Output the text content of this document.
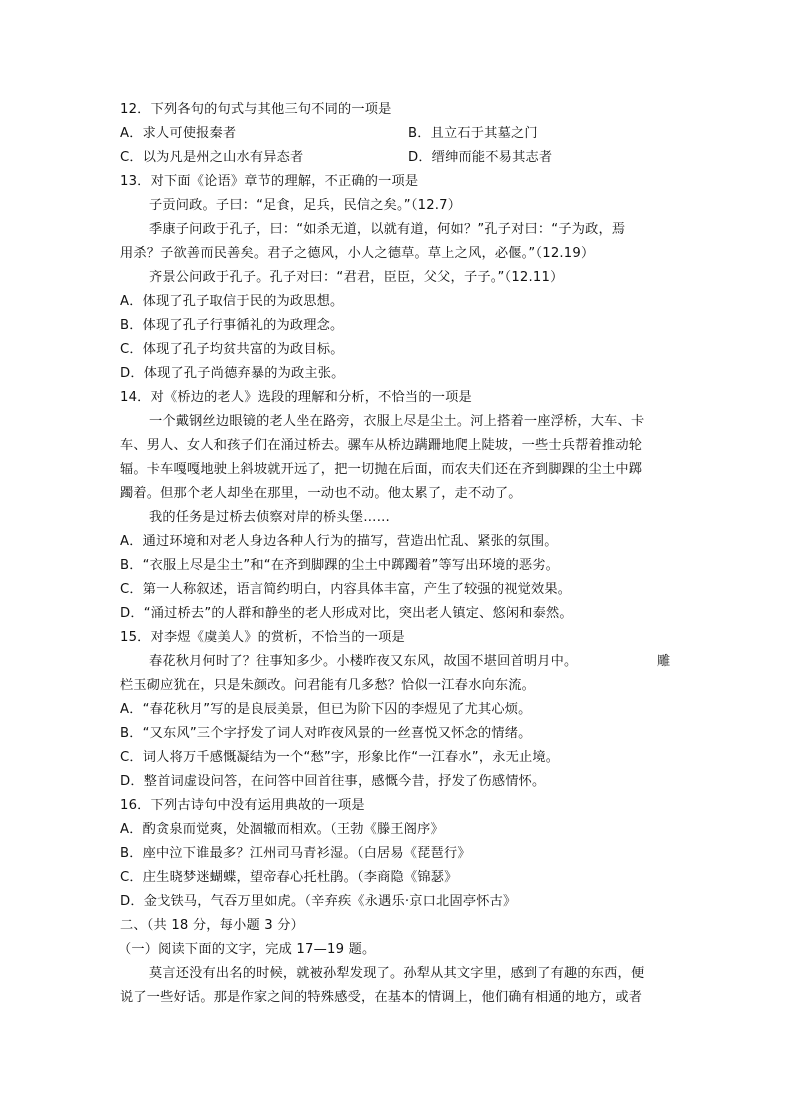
12．下列各句的句式与其他三句不同的一项是
A．求人可使报秦者	B．且立石于其墓之门
C．以为凡是州之山水有异态者	D．缙绅而能不易其志者
13．对下面《论语》章节的理解，不正确的一项是
子贡问政。子曰：“足食，足兵，民信之矣。”（12.7）
季康子问政于孔子，曰：“如杀无道，以就有道，何如？”孔子对曰：“子为政，焉
用杀？子欲善而民善矣。君子之德风，小人之德草。草上之风，必偃。”（12.19）
齐景公问政于孔子。孔子对曰：“君君，臣臣，父父，子子。”（12.11）
A．体现了孔子取信于民的为政思想。
B．体现了孔子行事循礼的为政理念。
C．体现了孔子均贫共富的为政目标。
D．体现了孔子尚德弃暴的为政主张。
14．对《桥边的老人》选段的理解和分析，不恰当的一项是
一个戴钢丝边眼镜的老人坐在路旁，衣服上尽是尘土。河上搭着一座浮桥，大车、卡
车、男人、女人和孩子们在涌过桥去。骡车从桥边蹒跚地爬上陡坡，一些士兵帮着推动轮
辐。卡车嘎嘎地驶上斜坡就开远了，把一切抛在后面，而农夫们还在齐到脚踝的尘土中踯
躅着。但那个老人却坐在那里，一动也不动。他太累了，走不动了。
我的任务是过桥去侦察对岸的桥头堡……
A．通过环境和对老人身边各种人行为的描写，营造出忙乱、紧张的氛围。
B．“衣服上尽是尘土”和“在齐到脚踝的尘土中踯躅着”等写出环境的恶劣。
C．第一人称叙述，语言简约明白，内容具体丰富，产生了较强的视觉效果。
D．“涌过桥去”的人群和静坐的老人形成对比，突出老人镇定、悠闲和泰然。
15．对李煜《虞美人》的赏析，不恰当的一项是
春花秋月何时了？往事知多少。小楼昨夜又东风，故国不堪回首明月中。	雕
栏玉砌应犹在，只是朱颜改。问君能有几多愁？恰似一江春水向东流。
A．“春花秋月”写的是良辰美景，但已为阶下囚的李煜见了尤其心烦。
B．“又东风”三个字抒发了词人对昨夜风景的一丝喜悦又怀念的情绪。
C．词人将万千感慨凝结为一个“愁”字，形象比作“一江春水”，永无止境。
D．整首词虚设问答，在问答中回首往事，感慨今昔，抒发了伤感情怀。
16．下列古诗句中没有运用典故的一项是
A．酌贪泉而觉爽，处涸辙而相欢。（王勃《滕王阁序》
B．座中泣下谁最多？江州司马青衫湿。（白居易《琵琶行》
C．庄生晓梦迷蝴蝶，望帝春心托杜鹃。（李商隐《锦瑟》
D．金戈铁马，气吞万里如虎。（辛弃疾《永遇乐·京口北固亭怀古》
二、（共 18 分，每小题 3 分）
（一）阅读下面的文字，完成 17—19 题。
莫言还没有出名的时候，就被孙犁发现了。孙犁从其文字里，感到了有趣的东西，便
说了一些好话。那是作家之间的特殊感受，在基本的情调上，他们确有相通的地方，或者
